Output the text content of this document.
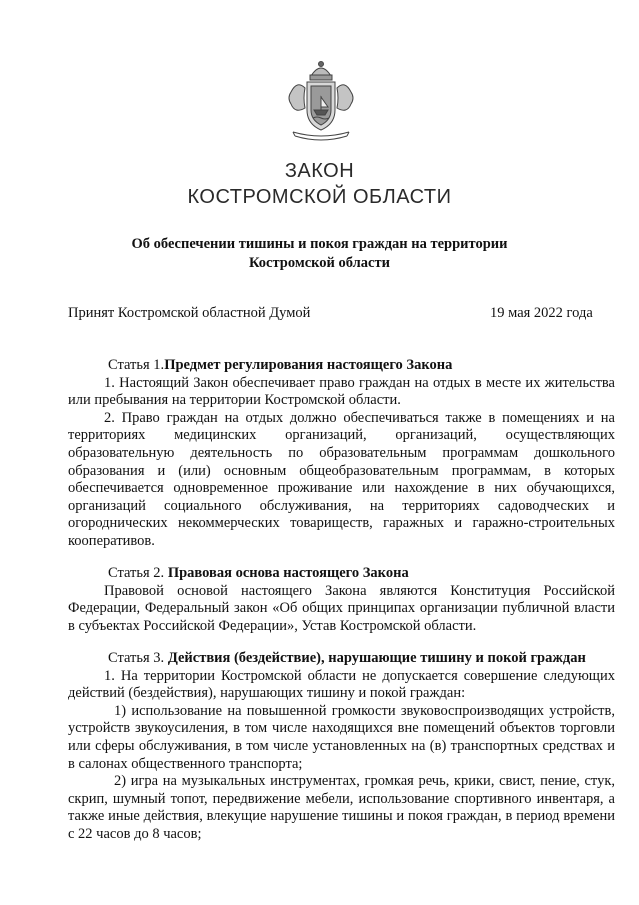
ЗАКОН
КОСТРОМСКОЙ ОБЛАСТИ
Об обеспечении тишины и покоя граждан на территории
Костромской области
Принят Костромской областной Думой	19 мая 2022 года

Статья 1.Предмет регулирования настоящего Закона

1. Настоящий Закон обеспечивает право граждан на отдых в месте их жительства или пребывания на территории Костромской области.

2. Право граждан на отдых должно обеспечиваться также в помещениях и на территориях медицинских организаций, организаций, осуществляющих образовательную деятельность по образовательным программам дошкольного образования и (или) основным общеобразовательным программам, в которых обеспечивается одновременное проживание или нахождение в них обучающихся, организаций социального обслуживания, на территориях садоводческих и огороднических некоммерческих товариществ, гаражных и гаражно-строительных кооперативов.

Статья 2. Правовая основа настоящего Закона

Правовой основой настоящего Закона являются Конституция Российской Федерации, Федеральный закон «Об общих принципах организации публичной власти в субъектах Российской Федерации», Устав Костромской области.

Статья 3. Действия (бездействие), нарушающие тишину и покой граждан

1. На территории Костромской области не допускается совершение следующих действий (бездействия), нарушающих тишину и покой граждан:

1) использование на повышенной громкости звуковоспроизводящих устройств, устройств звукоусиления, в том числе находящихся вне помещений объектов торговли или сферы обслуживания, в том числе установленных на (в) транспортных средствах и в салонах общественного транспорта;

2) игра на музыкальных инструментах, громкая речь, крики, свист, пение, стук, скрип, шумный топот, передвижение мебели, использование спортивного инвентаря, а также иные действия, влекущие нарушение тишины и покоя граждан, в период времени с 22 часов до 8 часов;
